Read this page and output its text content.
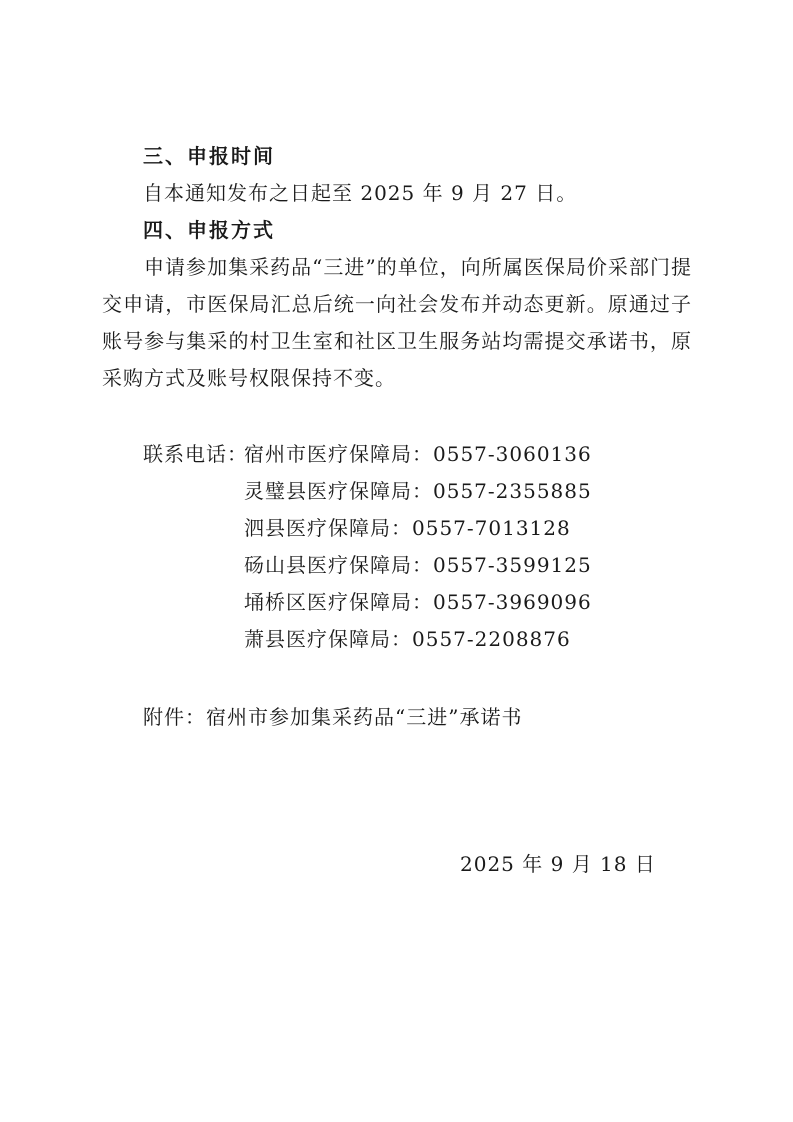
三、申报时间
自本通知发布之日起至 2025 年 9 月 27 日。
四、申报方式
申请参加集采药品“三进”的单位，向所属医保局价采部门提交申请，市医保局汇总后统一向社会发布并动态更新。原通过子账号参与集采的村卫生室和社区卫生服务站均需提交承诺书，原采购方式及账号权限保持不变。
联系电话：
宿州市医疗保障局：0557-3060136
灵璧县医疗保障局：0557-2355885
泗县医疗保障局：0557-7013128
砀山县医疗保障局：0557-3599125
埇桥区医疗保障局：0557-3969096
萧县医疗保障局：0557-2208876
附件：宿州市参加集采药品“三进”承诺书
2025 年 9 月 18 日
